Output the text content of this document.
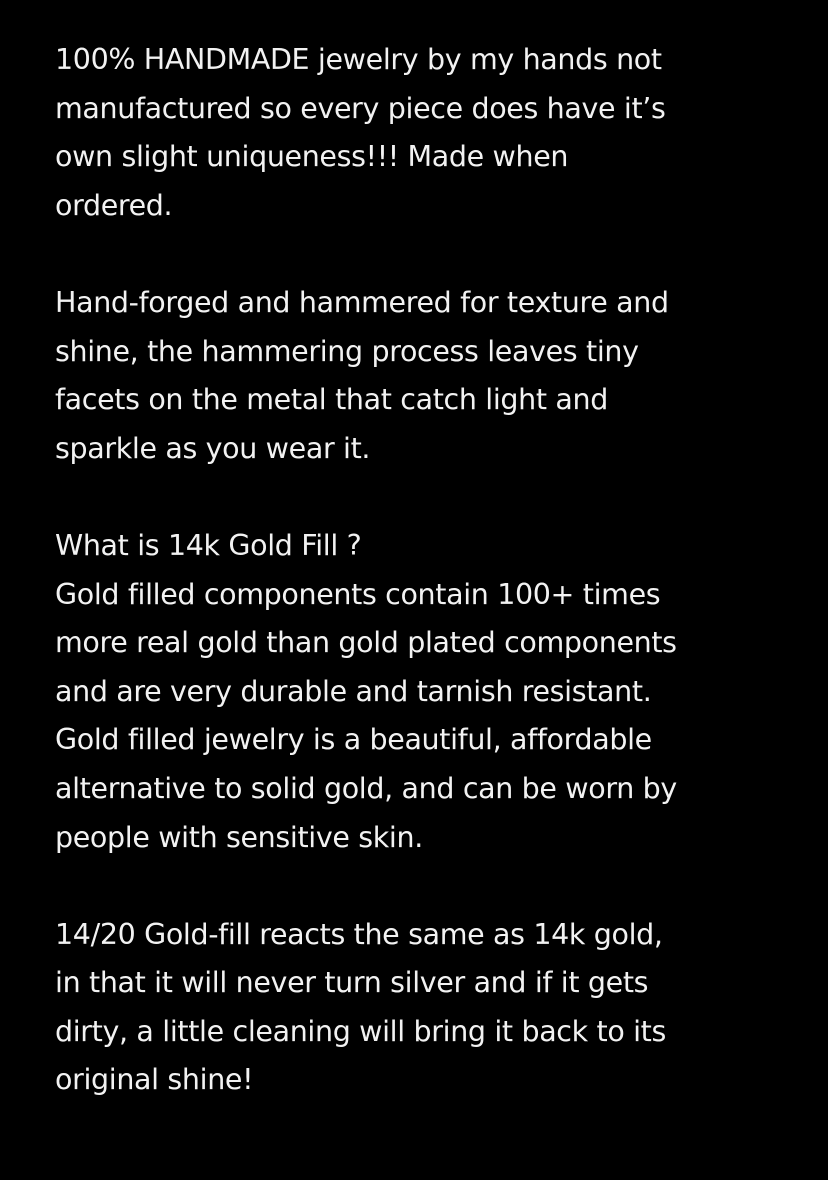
100% HANDMADE jewelry by my hands not
manufactured so every piece does have it’s
own slight uniqueness!!! Made when
ordered.
Hand-forged and hammered for texture and
shine, the hammering process leaves tiny
facets on the metal that catch light and
sparkle as you wear it.
What is 14k Gold Fill ?
Gold filled components contain 100+ times
more real gold than gold plated components
and are very durable and tarnish resistant.
Gold filled jewelry is a beautiful, affordable
alternative to solid gold, and can be worn by
people with sensitive skin.
14/20 Gold-fill reacts the same as 14k gold,
in that it will never turn silver and if it gets
dirty, a little cleaning will bring it back to its
original shine!
